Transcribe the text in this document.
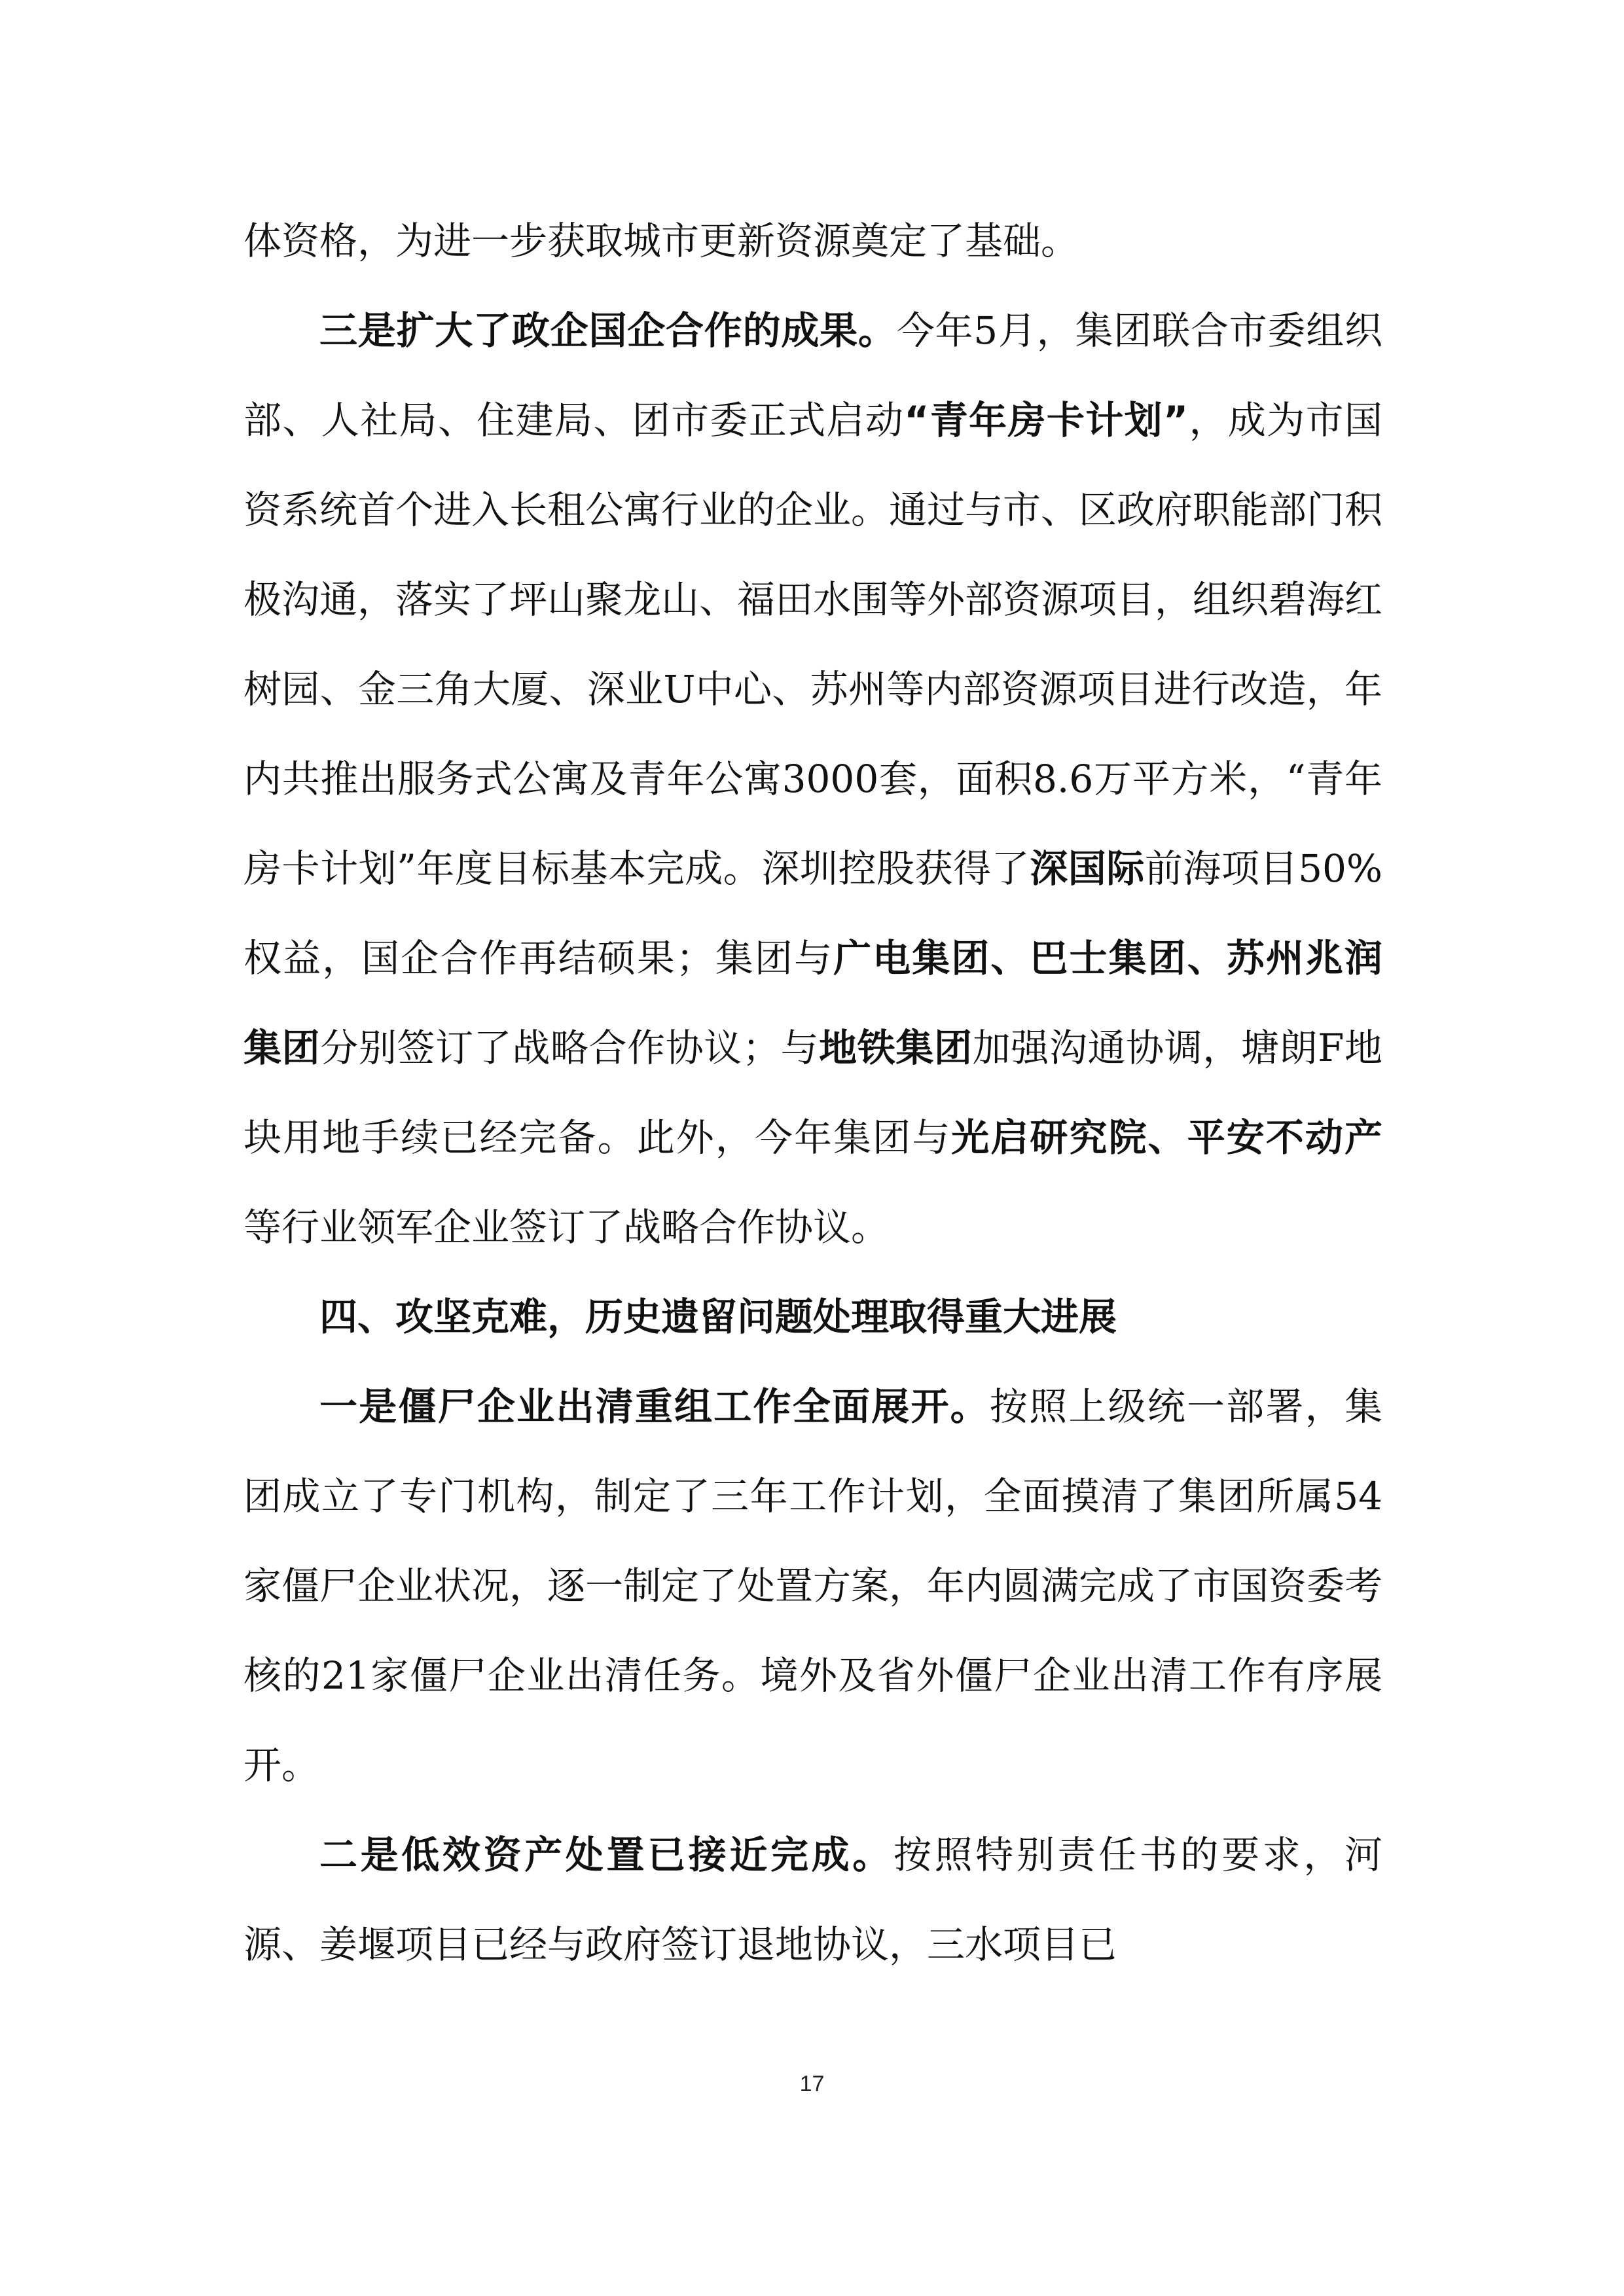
体资格，为进一步获取城市更新资源奠定了基础。

三是扩大了政企国企合作的成果。今年5月，集团联合市委组织部、人社局、住建局、团市委正式启动“青年房卡计划”，成为市国资系统首个进入长租公寓行业的企业。通过与市、区政府职能部门积极沟通，落实了坪山聚龙山、福田水围等外部资源项目，组织碧海红树园、金三角大厦、深业U中心、苏州等内部资源项目进行改造，年内共推出服务式公寓及青年公寓3000套，面积8.6万平方米，“青年房卡计划”年度目标基本完成。深圳控股获得了深国际前海项目50%权益，国企合作再结硕果；集团与广电集团、巴士集团、苏州兆润集团分别签订了战略合作协议；与地铁集团加强沟通协调，塘朗F地块用地手续已经完备。此外，今年集团与光启研究院、平安不动产等行业领军企业签订了战略合作协议。

四、攻坚克难，历史遗留问题处理取得重大进展

一是僵尸企业出清重组工作全面展开。按照上级统一部署，集团成立了专门机构，制定了三年工作计划，全面摸清了集团所属54家僵尸企业状况，逐一制定了处置方案，年内圆满完成了市国资委考核的21家僵尸企业出清任务。境外及省外僵尸企业出清工作有序展开。

二是低效资产处置已接近完成。按照特别责任书的要求，河源、姜堰项目已经与政府签订退地协议，三水项目已

17
